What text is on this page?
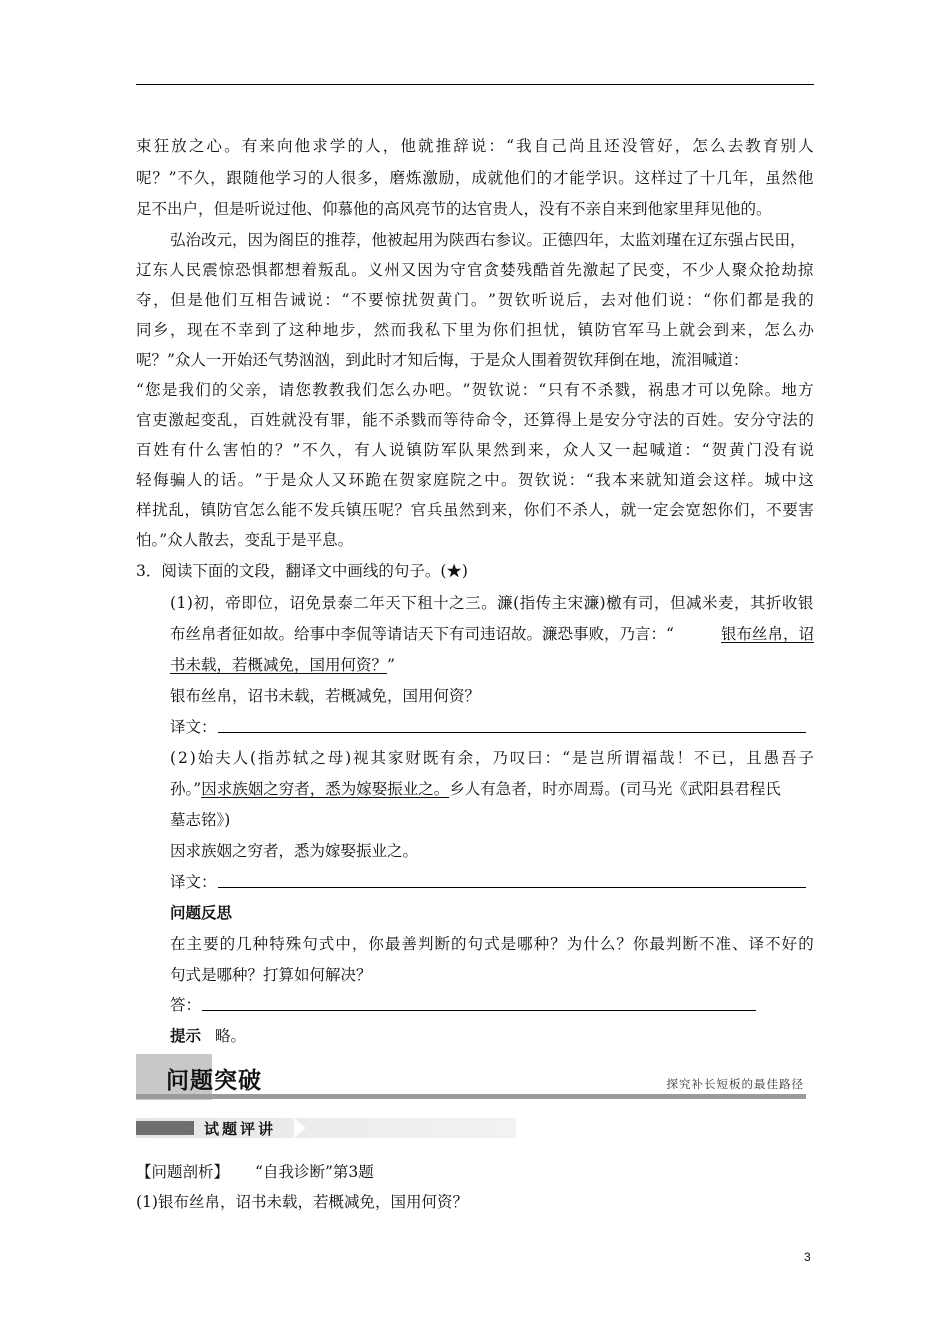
束 狂 放 之 心 。 有 来 向 他 求 学 的 人 ， 他 就 推 辞 说 ： “ 我 自 己 尚 且 还 没 管 好 ， 怎 么 去 教 育 别 人
呢 ？ ” 不 久 ， 跟 随 他 学 习 的 人 很 多 ， 磨 炼 激 励 ， 成 就 他 们 的 才 能 学 识 。 这 样 过 了 十 几 年 ， 虽 然 他
足不出户，但是听说过他、仰慕他的高风亮节的达官贵人，没有不亲自来到他家里拜见他的。
弘治改元，因为阁臣的推荐，他被起用为陕西右参议。正德四年，太监刘瑾在辽东强占民田，
辽 东 人 民 震 惊 恐 惧 都 想 着 叛 乱 。 义 州 又 因 为 守 官 贪 婪 残 酷 首 先 激 起 了 民 变 ， 不 少 人 聚 众 抢 劫 掠
夺 ， 但 是 他 们 互 相 告 诫 说 ： “ 不 要 惊 扰 贺 黄 门 。 ” 贺 钦 听 说 后 ， 去 对 他 们 说 ： “ 你 们 都 是 我 的
同 乡 ， 现 在 不 幸 到 了 这 种 地 步 ， 然 而 我 私 下 里 为 你 们 担 忧 ， 镇 防 官 军 马 上 就 会 到 来 ， 怎 么 办
呢？”众人一开始还气势汹汹，到此时才知后悔，于是众人围着贺钦拜倒在地，流泪喊道：
“ 您 是 我 们 的 父 亲 ， 请 您 教 教 我 们 怎 么 办 吧 。 ” 贺 钦 说 ： “ 只 有 不 杀 戮 ， 祸 患 才 可 以 免 除 。 地 方
官 吏 激 起 变 乱 ， 百 姓 就 没 有 罪 ， 能 不 杀 戮 而 等 待 命 令 ， 还 算 得 上 是 安 分 守 法 的 百 姓 。 安 分 守 法 的
百 姓 有 什 么 害 怕 的 ？ ” 不 久 ， 有 人 说 镇 防 军 队 果 然 到 来 ， 众 人 又 一 起 喊 道 ： “ 贺 黄 门 没 有 说
轻 侮 骗 人 的 话 。 ” 于 是 众 人 又 环 跪 在 贺 家 庭 院 之 中 。 贺 钦 说 ： “ 我 本 来 就 知 道 会 这 样 。 城 中 这
样 扰 乱 ， 镇 防 官 怎 么 能 不 发 兵 镇 压 呢 ？ 官 兵 虽 然 到 来 ， 你 们 不 杀 人 ， 就 一 定 会 宽 恕 你 们 ， 不 要 害
怕。”众人散去，变乱于是平息。
3．阅读下面的文段，翻译文中画线的句子。(★)
( 1 ) 初 ， 帝 即 位 ， 诏 免 景 泰 二 年 天 下 租 十 之 三 。 濂 ( 指 传 主 宋 濂 ) 檄 有 司 ， 但 减 米 麦 ， 其 折 收 银
布丝帛者征如故。给事中李侃等请诘天下有司违诏故。濂恐事败，乃言：“	银布丝帛，诏
书未载，若概减免，国用何资？”
银布丝帛，诏书未载，若概减免，国用何资？
译文：
( 2 ) 始 夫 人 ( 指 苏 轼 之 母 ) 视 其 家 财 既 有 余 ， 乃 叹 曰 ： “ 是 岂 所 谓 福 哉 ！ 不 已 ， 且 愚 吾 子
孙。”因求族姻之穷者，悉为嫁娶振业之。乡人有急者，时亦周焉。(司马光《武阳县君程氏
墓志铭》)
因求族姻之穷者，悉为嫁娶振业之。
译文：
问题反思
在 主 要 的 几 种 特 殊 句 式 中 ， 你 最 善 判 断 的 句 式 是 哪 种 ？ 为 什 么 ？ 你 最 判 断 不 准 、 译 不 好 的
句式是哪种？打算如何解决？
答：
提示 略。
问题突破	探究补长短板的最佳路径
试题评讲
【问题剖析】 “自我诊断”第3题
(1)银布丝帛，诏书未载，若概减免，国用何资？
3
